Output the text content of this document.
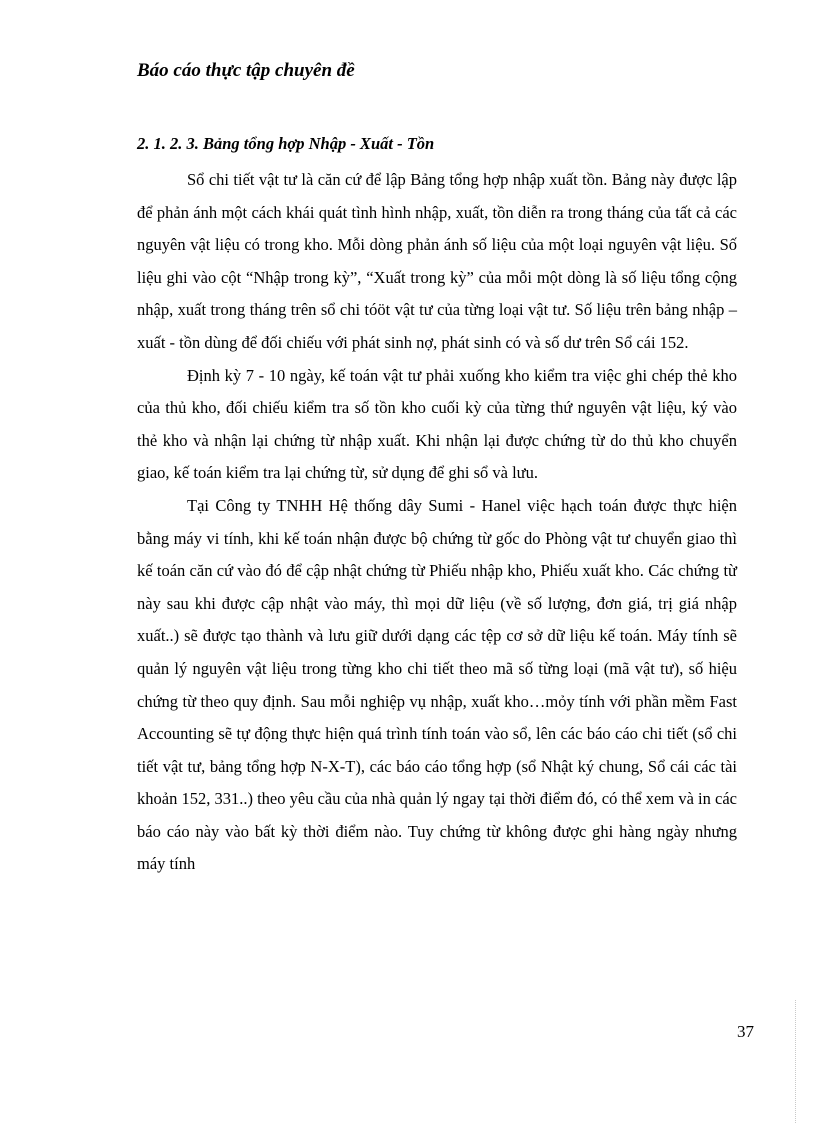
Báo cáo thực tập chuyên đề
2. 1. 2. 3. Bảng tổng hợp Nhập - Xuất - Tồn

Sổ chi tiết vật tư là căn cứ để lập Bảng tổng hợp nhập xuất tồn. Bảng này được lập để phản ánh một cách khái quát tình hình nhập, xuất, tồn diễn ra trong tháng của tất cả các nguyên vật liệu có trong kho. Mỗi dòng phản ánh số liệu của một loại nguyên vật liệu. Số liệu ghi vào cột “Nhập trong kỳ”, “Xuất trong kỳ” của mỗi một dòng là số liệu tổng cộng nhập, xuất trong tháng trên sổ chi tóöt vật tư của từng loại vật tư. Số liệu trên bảng nhập – xuất - tồn dùng để đối chiếu với phát sinh nợ, phát sinh có và số dư trên Sổ cái 152.

Định kỳ 7 - 10 ngày, kế toán vật tư phải xuống kho kiểm tra việc ghi chép thẻ kho của thủ kho, đối chiếu kiểm tra số tồn kho cuối kỳ của từng thứ nguyên vật liệu, ký vào thẻ kho và nhận lại chứng từ nhập xuất. Khi nhận lại được chứng từ do thủ kho chuyển giao, kế toán kiểm tra lại chứng từ, sử dụng để ghi sổ và lưu.

Tại Công ty TNHH Hệ thống dây Sumi - Hanel việc hạch toán được thực hiện bằng máy vi tính, khi kế toán nhận được bộ chứng từ gốc do Phòng vật tư chuyển giao thì kế toán căn cứ vào đó để cập nhật chứng từ Phiếu nhập kho, Phiếu xuất kho. Các chứng từ này sau khi được cập nhật vào máy, thì mọi dữ liệu (về số lượng, đơn giá, trị giá nhập xuất..) sẽ được tạo thành và lưu giữ dưới dạng các tệp cơ sở dữ liệu kế toán. Máy tính sẽ quản lý nguyên vật liệu trong từng kho chi tiết theo mã số từng loại (mã vật tư), số hiệu chứng từ theo quy định. Sau mỗi nghiệp vụ nhập, xuất kho…mỏy tính với phần mềm Fast Accounting sẽ tự động thực hiện quá trình tính toán vào sổ, lên các báo cáo chi tiết (sổ chi tiết vật tư, bảng tổng hợp N-X-T), các báo cáo tổng hợp (sổ Nhật ký chung, Sổ cái các tài khoản 152, 331..) theo yêu cầu của nhà quản lý ngay tại thời điểm đó, có thể xem và in các báo cáo này vào bất kỳ thời điểm nào. Tuy chứng từ không được ghi hàng ngày nhưng máy tính

37
